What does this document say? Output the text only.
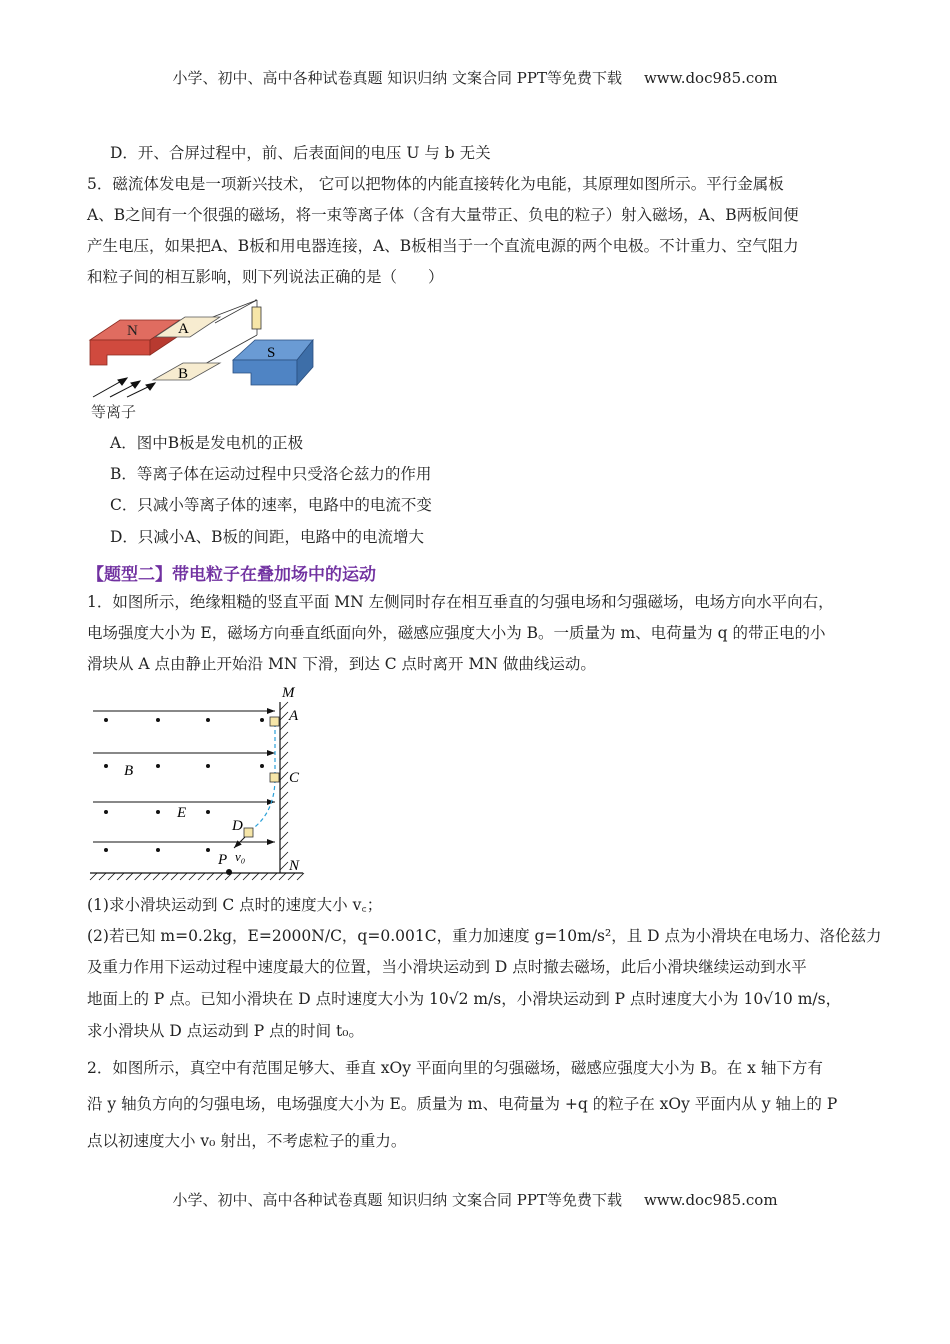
小学、初中、高中各种试卷真题 知识归纳 文案合同 PPT等免费下载 www.doc985.com
D．开、合屏过程中，前、后表面间的电压 U 与 b 无关
5．磁流体发电是一项新兴技术， 它可以把物体的内能直接转化为电能，其原理如图所示。平行金属板
A、B之间有一个很强的磁场，将一束等离子体（含有大量带正、负电的粒子）射入磁场，A、B两板间便
产生电压，如果把A、B板和用电器连接，A、B板相当于一个直流电源的两个电极。不计重力、空气阻力
和粒子间的相互影响，则下列说法正确的是（　　）
N	A
S
B
等离子
A．图中B板是发电机的正极
B．等离子体在运动过程中只受洛仑兹力的作用
C．只减小等离子体的速率，电路中的电流不变
D．只减小A、B板的间距，电路中的电流增大
【题型二】带电粒子在叠加场中的运动
1．如图所示，绝缘粗糙的竖直平面 MN 左侧同时存在相互垂直的匀强电场和匀强磁场，电场方向水平向右，
电场强度大小为 E，磁场方向垂直纸面向外，磁感应强度大小为 B。一质量为 m、电荷量为 q 的带正电的小
滑块从 A 点由静止开始沿 MN 下滑，到达 C 点时离开 MN 做曲线运动。
M
A
C
B
E
D
P v₀
N
(1)求小滑块运动到 C 点时的速度大小 v꜀；
(2)若已知 m=0.2kg，E=2000N/C，q=0.001C，重力加速度 g=10m/s²，且 D 点为小滑块在电场力、洛伦兹力
及重力作用下运动过程中速度最大的位置，当小滑块运动到 D 点时撤去磁场，此后小滑块继续运动到水平
地面上的 P 点。已知小滑块在 D 点时速度大小为 10√2 m/s，小滑块运动到 P 点时速度大小为 10√10 m/s，
求小滑块从 D 点运动到 P 点的时间 t₀。
2．如图所示，真空中有范围足够大、垂直 xOy 平面向里的匀强磁场，磁感应强度大小为 B。在 x 轴下方有
沿 y 轴负方向的匀强电场，电场强度大小为 E。质量为 m、电荷量为 +q 的粒子在 xOy 平面内从 y 轴上的 P
点以初速度大小 v₀ 射出，不考虑粒子的重力。
小学、初中、高中各种试卷真题 知识归纳 文案合同 PPT等免费下载 www.doc985.com
